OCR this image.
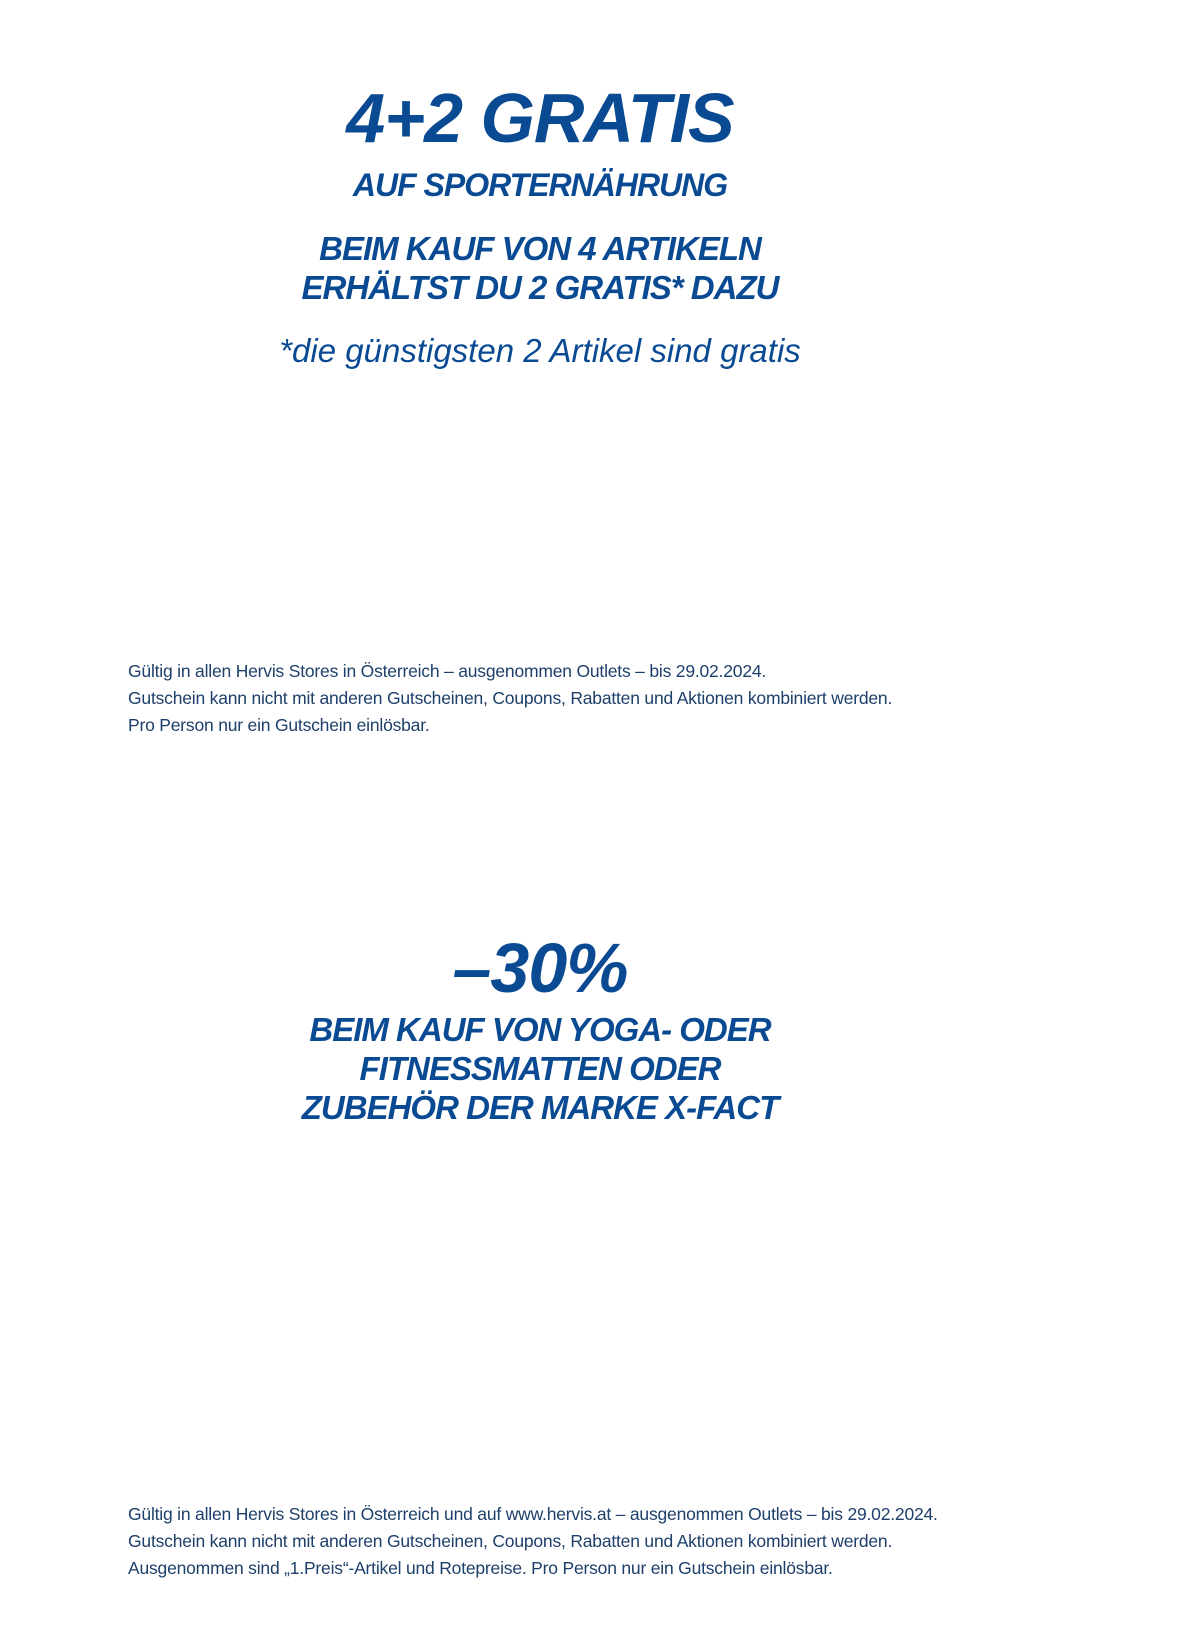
4+2 GRATIS
AUF SPORTERNÄHRUNG
BEIM KAUF VON 4 ARTIKELN
ERHÄLTST DU 2 GRATIS* DAZU

*die günstigsten 2 Artikel sind gratis

Gültig in allen Hervis Stores in Österreich – ausgenommen Outlets – bis 29.02.2024.
Gutschein kann nicht mit anderen Gutscheinen, Coupons, Rabatten und Aktionen kombiniert werden.
Pro Person nur ein Gutschein einlösbar.
–30%
BEIM KAUF VON YOGA- ODER
FITNESSMATTEN ODER
ZUBEHÖR DER MARKE X-FACT
Gültig in allen Hervis Stores in Österreich und auf www.hervis.at – ausgenommen Outlets – bis 29.02.2024.
Gutschein kann nicht mit anderen Gutscheinen, Coupons, Rabatten und Aktionen kombiniert werden.
Ausgenommen sind „1.Preis“-Artikel und Rotepreise. Pro Person nur ein Gutschein einlösbar.
